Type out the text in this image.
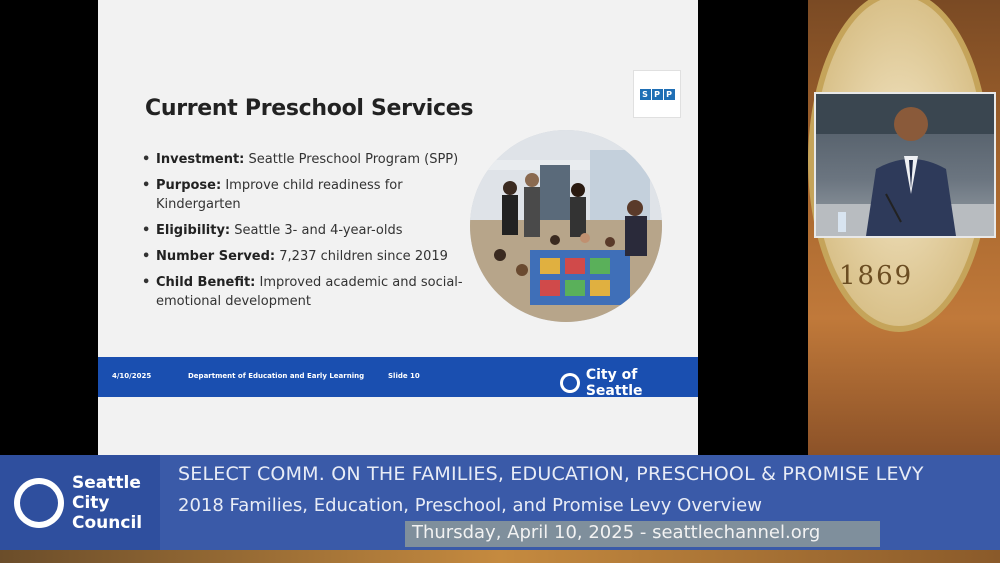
Current Preschool Services
• Investment: Seattle Preschool Program (SPP)
• Purpose: Improve child readiness for Kindergarten
• Eligibility: Seattle 3- and 4-year-olds
• Number Served: 7,237 children since 2019
• Child Benefit: Improved academic and social-emotional development
S P P
4/10/2025	Department of Education and Early Learning	Slide 10	City of Seattle
1869
Seattle
City
Council
SELECT COMM. ON THE FAMILIES, EDUCATION, PRESCHOOL & PROMISE LEVY
2018 Families, Education, Preschool, and Promise Levy Overview
Thursday, April 10, 2025 - seattlechannel.org
